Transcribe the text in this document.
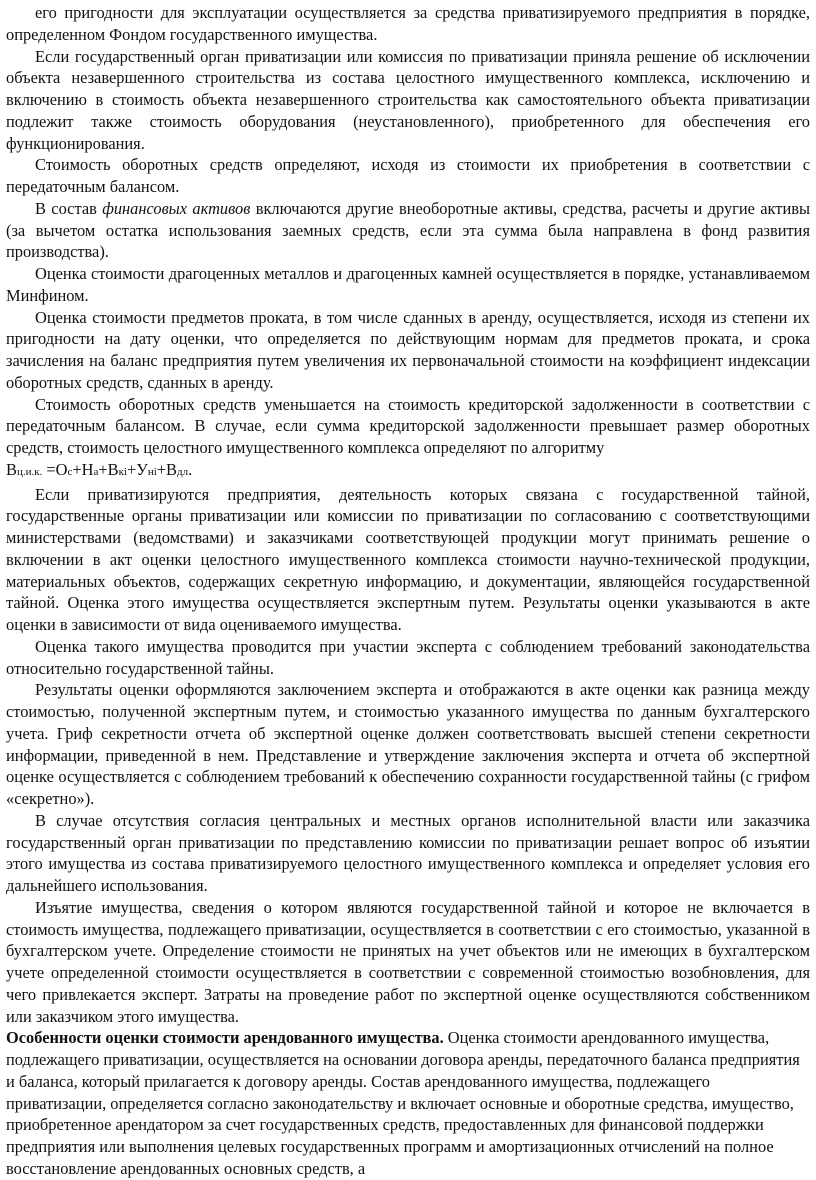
его пригодности для эксплуатации осуществляется за средства приватизируемого предприятия в порядке, определенном Фондом государственного имущества.

Если государственный орган приватизации или комиссия по приватизации приняла решение об исключении объекта незавершенного строительства из состава целостного имущественного комплекса, исключению и включению в стоимость объекта незавершенного строительства как самостоятельного объекта приватизации подлежит также стоимость оборудования (неустановленного), приобретенного для обеспечения его функционирования.

Стоимость оборотных средств определяют, исходя из стоимости их приобретения в соответствии с передаточным балансом.

В состав финансовых активов включаются другие внеоборотные активы, средства, расчеты и другие активы (за вычетом остатка использования заемных средств, если эта сумма была направлена в фонд развития производства).

Оценка стоимости драгоценных металлов и драгоценных камней осуществляется в порядке, устанавливаемом Минфином.

Оценка стоимости предметов проката, в том числе сданных в аренду, осуществляется, исходя из степени их пригодности на дату оценки, что определяется по действующим нормам для предметов проката, и срока зачисления на баланс предприятия путем увеличения их первоначальной стоимости на коэффициент индексации оборотных средств, сданных в аренду.

Стоимость оборотных средств уменьшается на стоимость кредиторской задолженности в соответствии с передаточным балансом. В случае, если сумма кредиторской задолженности превышает размер оборотных средств, стоимость целостного имущественного комплекса определяют по алгоритму

Вц.и.к. =Ос+На+Вкі+Уні+Вдл.

Если приватизируются предприятия, деятельность которых связана с государственной тайной, государственные органы приватизации или комиссии по приватизации по согласованию с соответствующими министерствами (ведомствами) и заказчиками соответствующей продукции могут принимать решение о включении в акт оценки целостного имущественного комплекса стоимости научно-технической продукции, материальных объектов, содержащих секретную информацию, и документации, являющейся государственной тайной. Оценка этого имущества осуществляется экспертным путем. Результаты оценки указываются в акте оценки в зависимости от вида оцениваемого имущества.

Оценка такого имущества проводится при участии эксперта с соблюдением требований законодательства относительно государственной тайны.

Результаты оценки оформляются заключением эксперта и отображаются в акте оценки как разница между стоимостью, полученной экспертным путем, и стоимостью указанного имущества по данным бухгалтерского учета. Гриф секретности отчета об экспертной оценке должен соответствовать высшей степени секретности информации, приведенной в нем. Представление и утверждение заключения эксперта и отчета об экспертной оценке осуществляется с соблюдением требований к обеспечению сохранности государственной тайны (с грифом «секретно»).

В случае отсутствия согласия центральных и местных органов исполнительной власти или заказчика государственный орган приватизации по представлению комиссии по приватизации решает вопрос об изъятии этого имущества из состава приватизируемого целостного имущественного комплекса и определяет условия его дальнейшего использования.

Изъятие имущества, сведения о котором являются государственной тайной и которое не включается в стоимость имущества, подлежащего приватизации, осуществляется в соответствии с его стоимостью, указанной в бухгалтерском учете. Определение стоимости не принятых на учет объектов или не имеющих в бухгалтерском учете определенной стоимости осуществляется в соответствии с современной стоимостью возобновления, для чего привлекается эксперт. Затраты на проведение работ по экспертной оценке осуществляются собственником или заказчиком этого имущества.

Особенности оценки стоимости арендованного имущества. Оценка стоимости арендованного имущества, подлежащего приватизации, осуществляется на основании договора аренды, передаточного баланса предприятия и баланса, который прилагается к договору аренды. Состав арендованного имущества, подлежащего приватизации, определяется согласно законодательству и включает основные и оборотные средства, имущество, приобретенное арендатором за счет государственных средств, предоставленных для финансовой поддержки предприятия или выполнения целевых государственных программ и амортизационных отчислений на полное восстановление арендованных основных средств, а
